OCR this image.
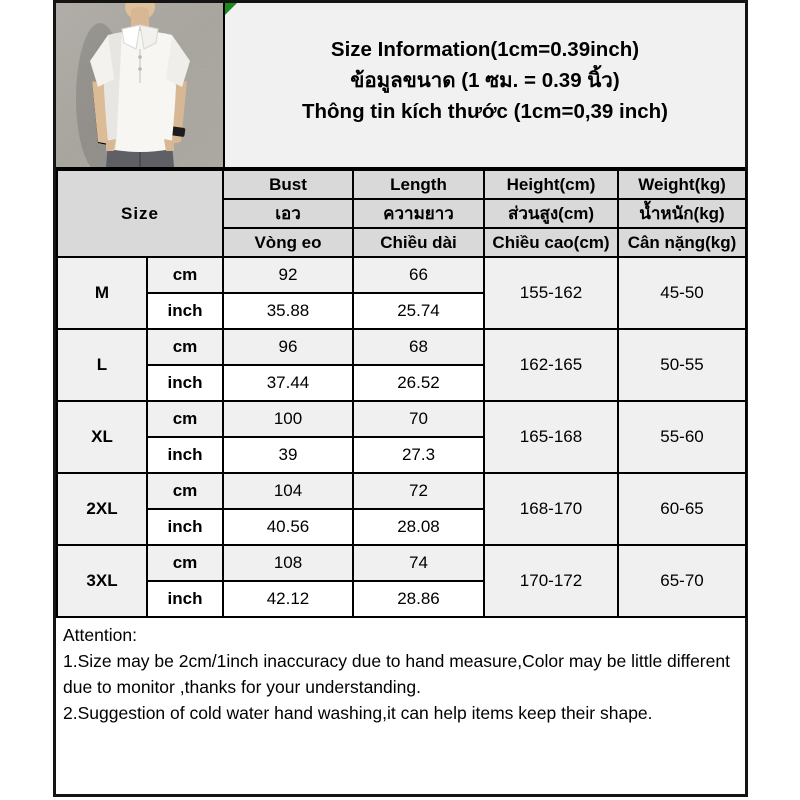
Size Information(1cm=0.39inch)
ข้อมูลขนาด (1 ซม. = 0.39 นิ้ว)
Thông tin kích thước (1cm=0,39 inch)
Size		Bust	Length	Height(cm)	Weight(kg)
		เอว	ความยาว	ส่วนสูง(cm)	น้ำหนัก(kg)
		Vòng eo	Chiều dài	Chiều cao(cm)	Cân nặng(kg)
M	cm	92	66	155-162	45-50
	inch	35.88	25.74		
L	cm	96	68	162-165	50-55
	inch	37.44	26.52		
XL	cm	100	70	165-168	55-60
	inch	39	27.3		
2XL	cm	104	72	168-170	60-65
	inch	40.56	28.08		
3XL	cm	108	74	170-172	65-70
	inch	42.12	28.86		
Attention:
1.Size may be 2cm/1inch inaccuracy due to hand measure,Color may be little different due to monitor ,thanks for your understanding.
2.Suggestion of cold water hand washing,it can help items keep their shape.
